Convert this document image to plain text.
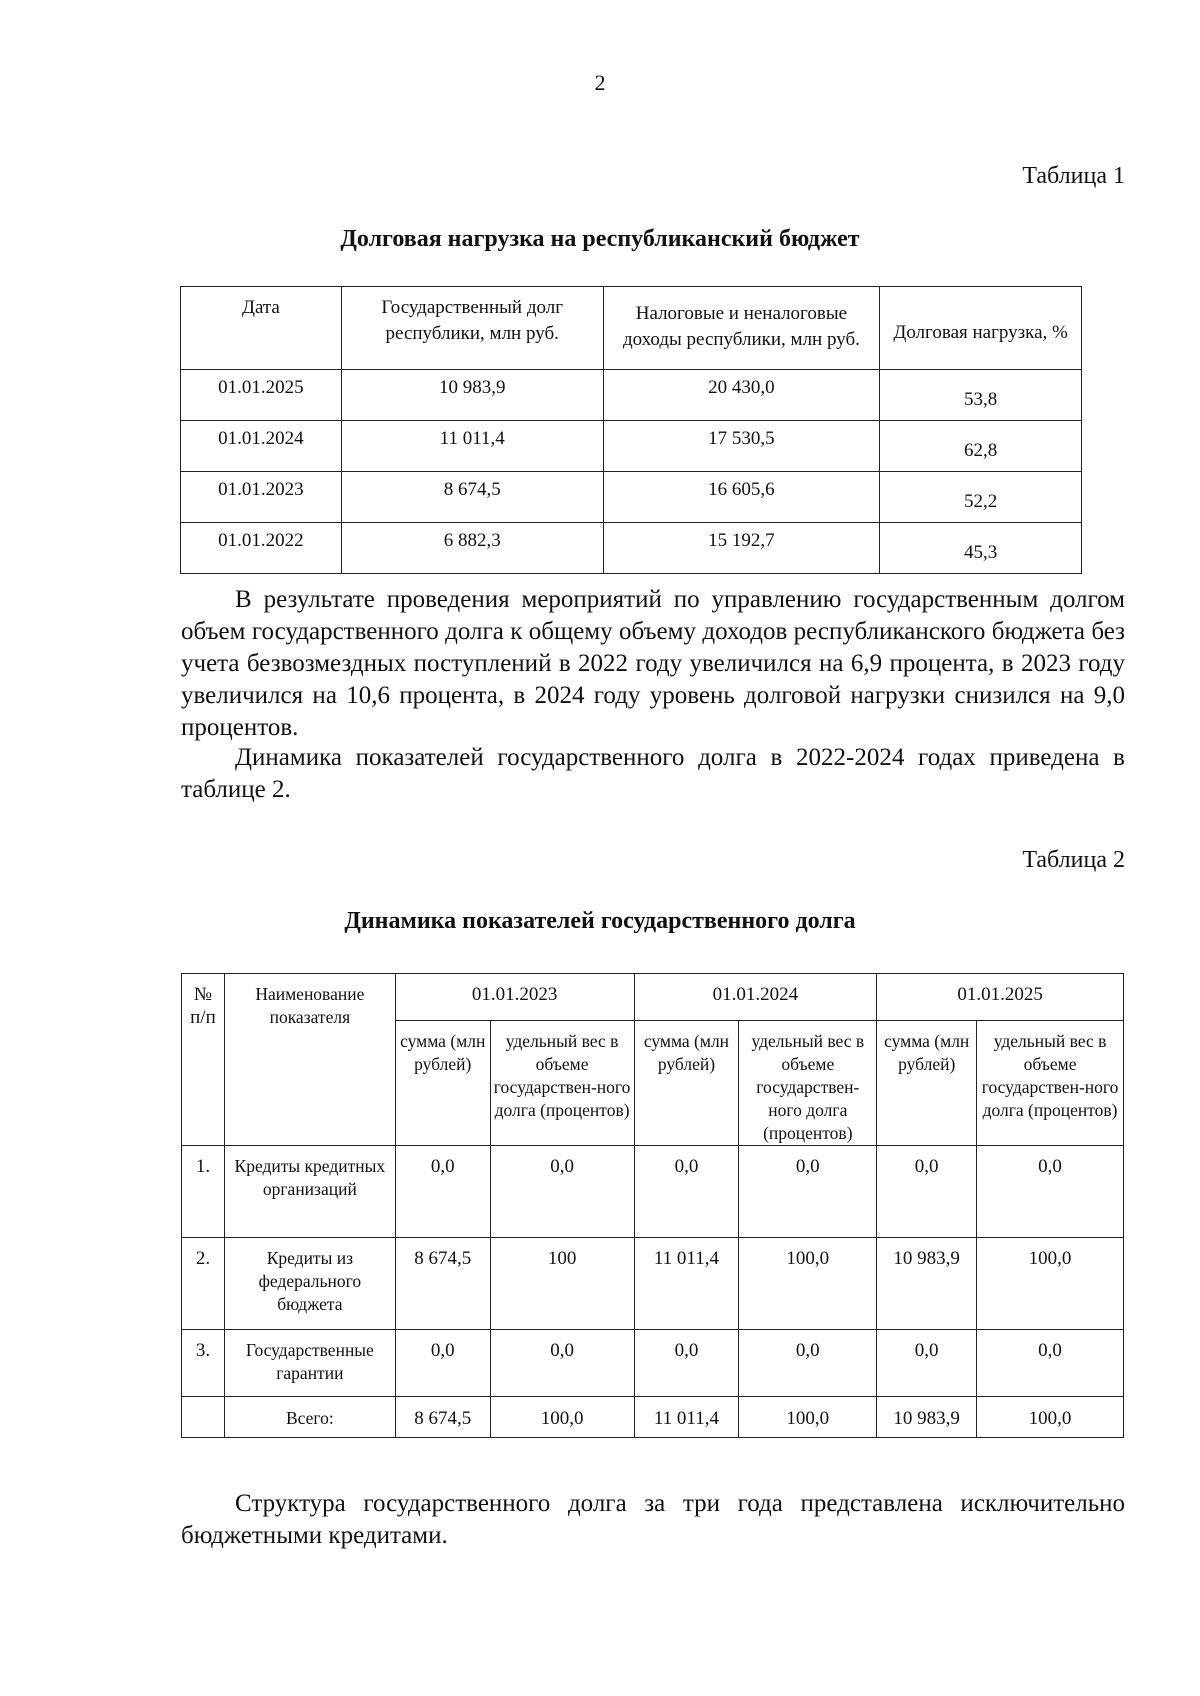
2
Таблица 1
Долговая нагрузка на республиканский бюджет
Дата	Государственный долг республики, млн руб.	Налоговые и неналоговые доходы республики, млн руб.	Долговая нагрузка, %
01.01.2025	10 983,9	20 430,0	53,8
01.01.2024	11 011,4	17 530,5	62,8
01.01.2023	8 674,5	16 605,6	52,2
01.01.2022	6 882,3	15 192,7	45,3
В результате проведения мероприятий по управлению государственным долгом объем государственного долга к общему объему доходов республиканского бюджета без учета безвозмездных поступлений в 2022 году увеличился на 6,9 процента, в 2023 году увеличился на 10,6 процента, в 2024 году уровень долговой нагрузки снизился на 9,0 процентов.
Динамика показателей государственного долга в 2022-2024 годах приведена в таблице 2.
Таблица 2
Динамика показателей государственного долга
№ п/п	Наименование показателя	01.01.2023		01.01.2024		01.01.2025	
		сумма (млн рублей)	удельный вес в объеме государствен-ного долга (процентов)	сумма (млн рублей)	удельный вес в объеме государствен-ного долга (процентов)	сумма (млн рублей)	удельный вес в объеме государствен-ного долга (процентов)
1.	Кредиты кредитных организаций	0,0	0,0	0,0	0,0	0,0	0,0
2.	Кредиты из федерального бюджета	8 674,5	100	11 011,4	100,0	10 983,9	100,0
3.	Государственные гарантии	0,0	0,0	0,0	0,0	0,0	0,0
	Всего:	8 674,5	100,0	11 011,4	100,0	10 983,9	100,0
Структура государственного долга за три года представлена исключительно бюджетными кредитами.
